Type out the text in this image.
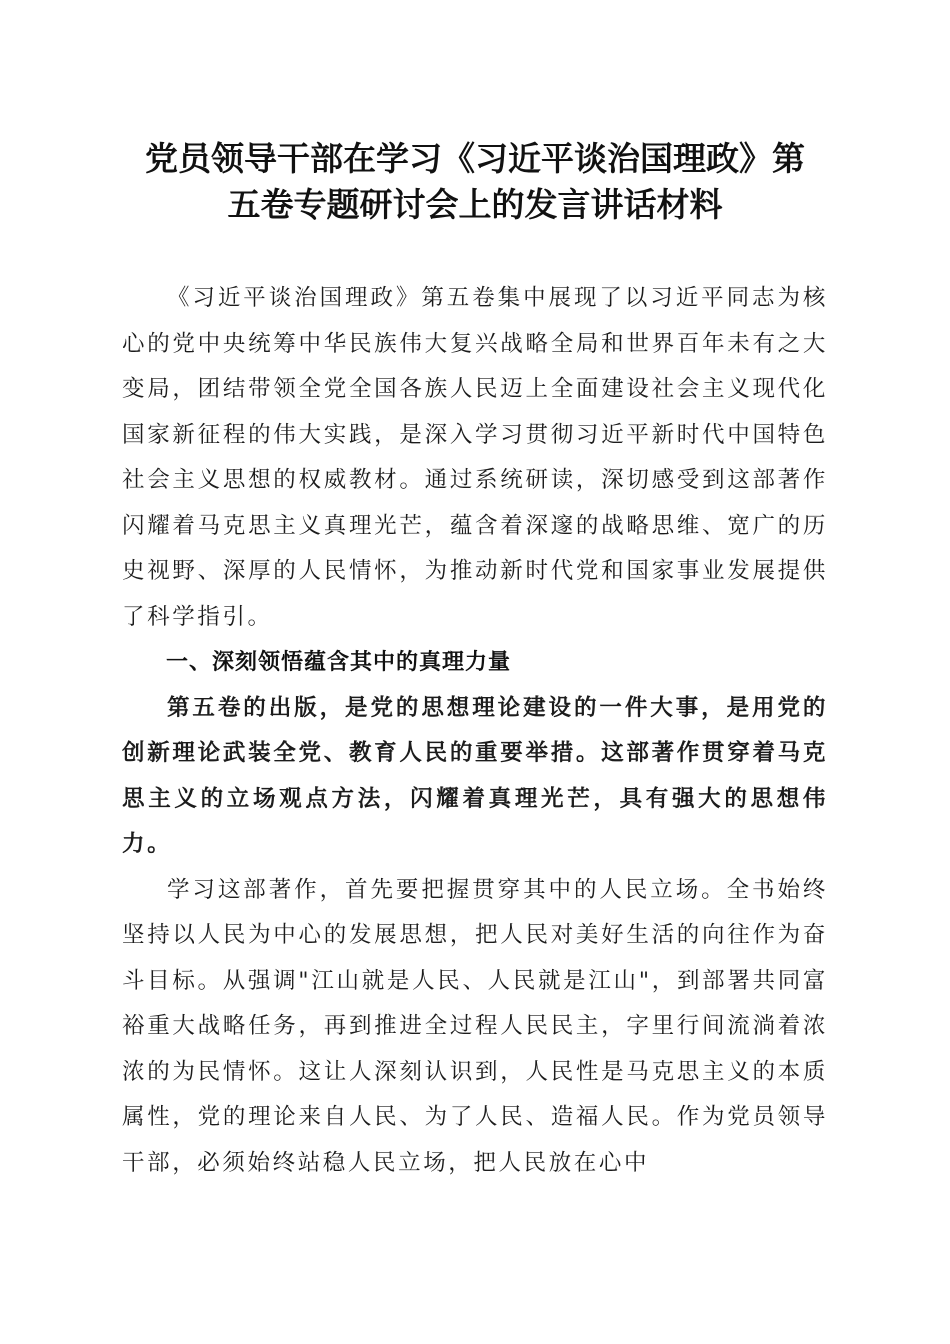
党员领导干部在学习《习近平谈治国理政》第
五卷专题研讨会上的发言讲话材料

《习近平谈治国理政》第五卷集中展现了以习近平同志为核心的党中央统筹中华民族伟大复兴战略全局和世界百年未有之大变局，团结带领全党全国各族人民迈上全面建设社会主义现代化国家新征程的伟大实践，是深入学习贯彻习近平新时代中国特色社会主义思想的权威教材。通过系统研读，深切感受到这部著作闪耀着马克思主义真理光芒，蕴含着深邃的战略思维、宽广的历史视野、深厚的人民情怀，为推动新时代党和国家事业发展提供了科学指引。

一、深刻领悟蕴含其中的真理力量

第五卷的出版，是党的思想理论建设的一件大事，是用党的创新理论武装全党、教育人民的重要举措。这部著作贯穿着马克思主义的立场观点方法，闪耀着真理光芒，具有强大的思想伟力。

学习这部著作，首先要把握贯穿其中的人民立场。全书始终坚持以人民为中心的发展思想，把人民对美好生活的向往作为奋斗目标。从强调"江山就是人民、人民就是江山"，到部署共同富裕重大战略任务，再到推进全过程人民民主，字里行间流淌着浓浓的为民情怀。这让人深刻认识到，人民性是马克思主义的本质属性，党的理论来自人民、为了人民、造福人民。作为党员领导干部，必须始终站稳人民立场，把人民放在心中
